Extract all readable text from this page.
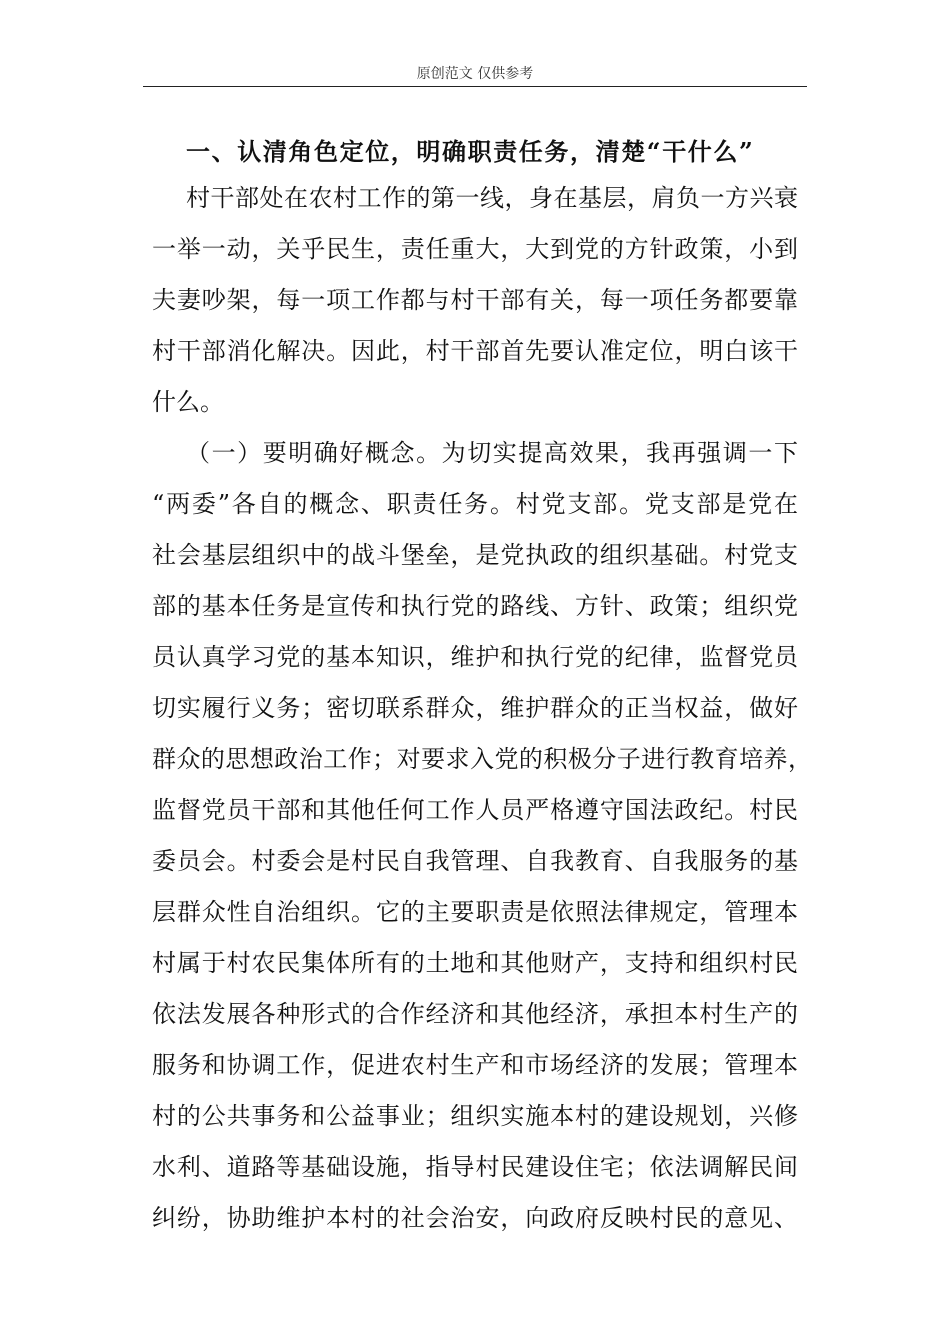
原创范文 仅供参考
一、认清角色定位，明确职责任务，清楚“干什么”
村干部处在农村工作的第一线，身在基层，肩负一方兴衰
一举一动，关乎民生，责任重大，大到党的方针政策，小到
夫妻吵架，每一项工作都与村干部有关，每一项任务都要靠
村干部消化解决。因此，村干部首先要认准定位，明白该干
什么。
（一）要明确好概念。为切实提高效果，我再强调一下
“两委”各自的概念、职责任务。村党支部。党支部是党在
社会基层组织中的战斗堡垒，是党执政的组织基础。村党支
部的基本任务是宣传和执行党的路线、方针、政策；组织党
员认真学习党的基本知识，维护和执行党的纪律，监督党员
切实履行义务；密切联系群众，维护群众的正当权益，做好
群众的思想政治工作；对要求入党的积极分子进行教育培养，
监督党员干部和其他任何工作人员严格遵守国法政纪。村民
委员会。村委会是村民自我管理、自我教育、自我服务的基
层群众性自治组织。它的主要职责是依照法律规定，管理本
村属于村农民集体所有的土地和其他财产，支持和组织村民
依法发展各种形式的合作经济和其他经济，承担本村生产的
服务和协调工作，促进农村生产和市场经济的发展；管理本
村的公共事务和公益事业；组织实施本村的建设规划，兴修
水利、道路等基础设施，指导村民建设住宅；依法调解民间
纠纷，协助维护本村的社会治安，向政府反映村民的意见、
